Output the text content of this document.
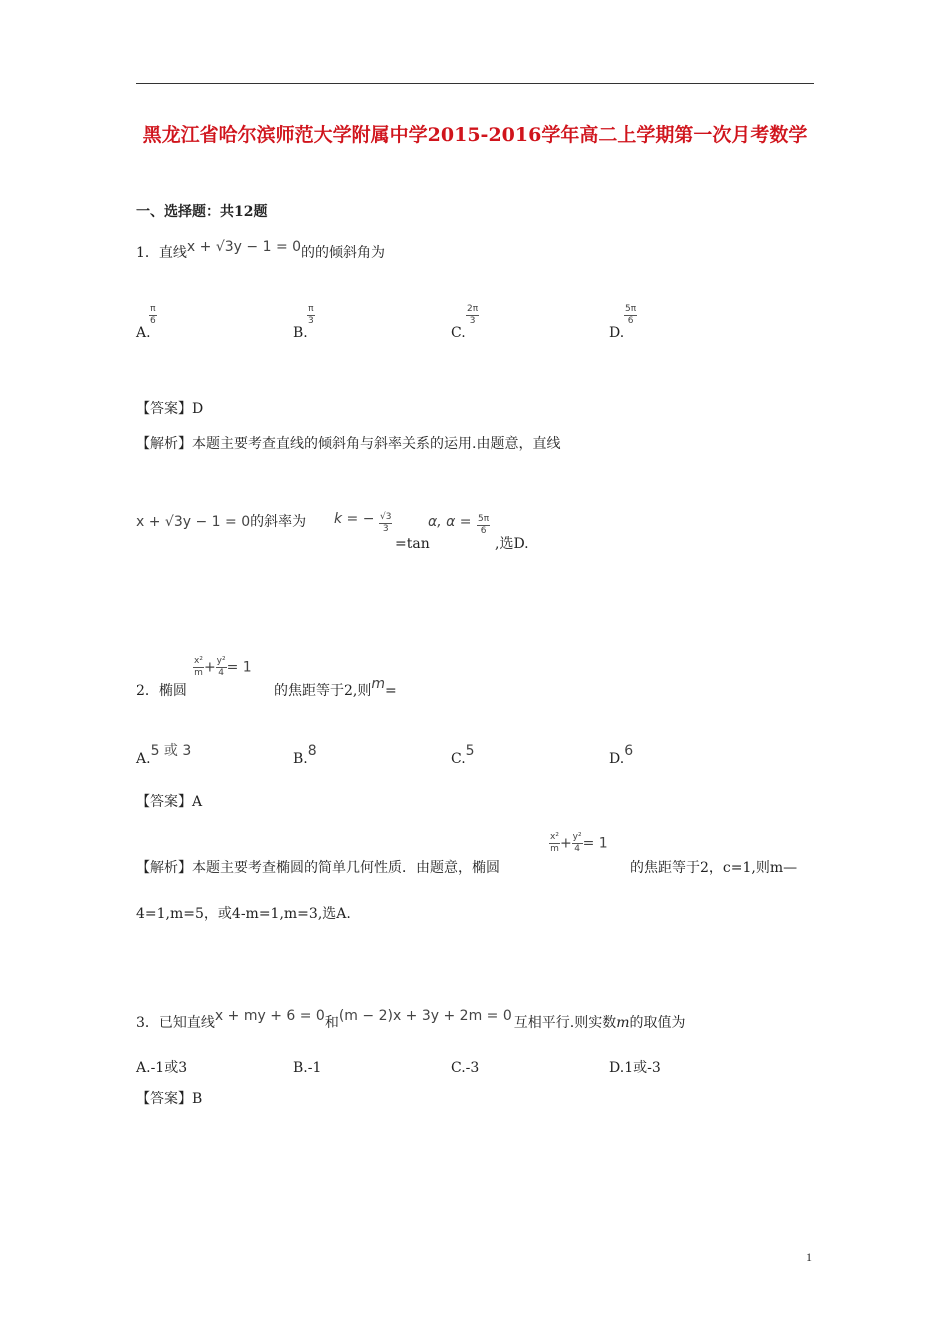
黑龙江省哈尔滨师范大学附属中学2015-2016学年高二上学期第一次月考数学
一、选择题：共12题
1．直线x + √3y − 1 = 0的的倾斜角为
A.
$\frac{\pi}{6}$
B.
$\frac{\pi}{3}$
C.
$\frac{2\pi}{3}$
D.
$\frac{5\pi}{6}$
【答案】D
【解析】本题主要考查直线的倾斜角与斜率关系的运用.由题意，直线
x + √3y − 1 = 0的斜率为 k = − $\frac{√3}{3}$
=tan
α, $\alpha = \frac{5\pi}{6}$
,选D.
2．椭圆
$\frac{\text{x²}}{m} + \frac{\text{y²}}{4} = 1$
的焦距等于2,则m=
A.5 或 3	B.8	C.5	D.6
【答案】A
【解析】本题主要考查椭圆的简单几何性质．由题意，椭圆
$\frac{\text{x²}}{m} + \frac{\text{y²}}{4} = 1$
的焦距等于2，c=1,则m—
4=1,m=5，或4-m=1,m=3,选A.
3．已知直线x + my + 6 = 0和(m − 2)x + 3y + 2m = 0 互相平行.则实数m的取值为
A.-1或3	B.-1	C.-3	D.1或-3
【答案】B
1
